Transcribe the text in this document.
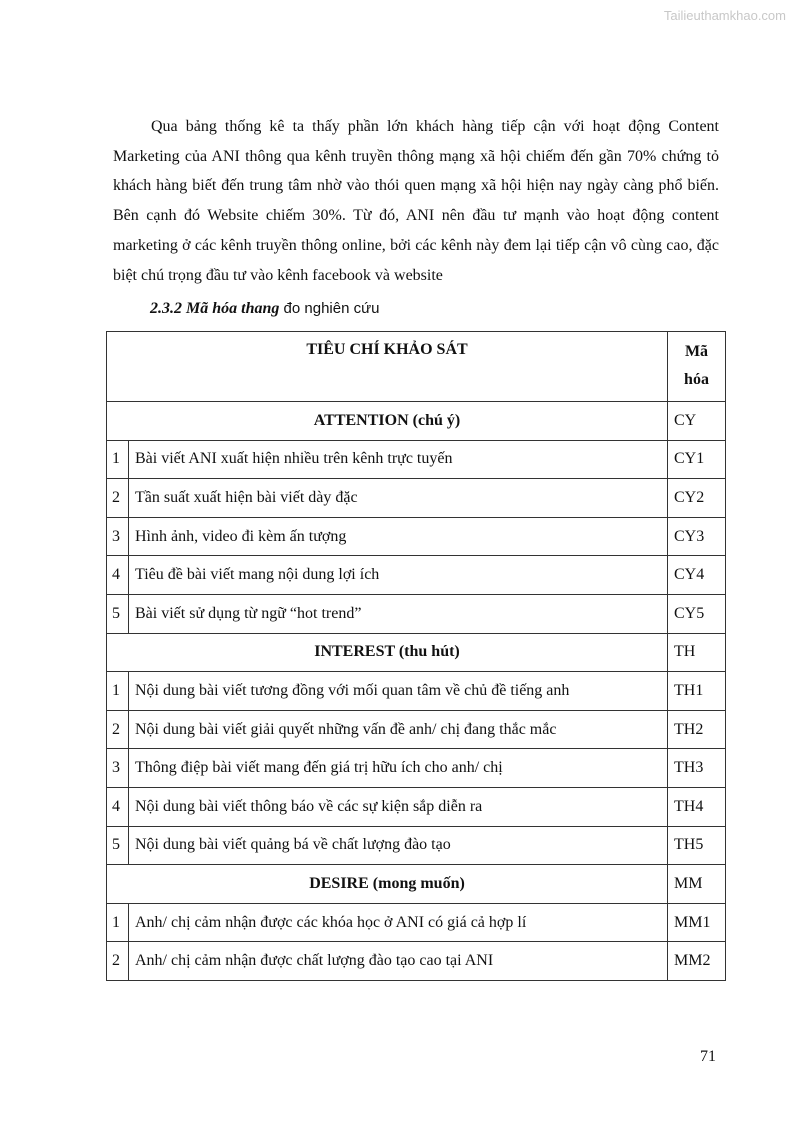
Tailieuthamkhao.com

Qua bảng thống kê ta thấy phần lớn khách hàng tiếp cận với hoạt động Content Marketing của ANI thông qua kênh truyền thông mạng xã hội chiếm đến gần 70% chứng tỏ khách hàng biết đến trung tâm nhờ vào thói quen mạng xã hội hiện nay ngày càng phổ biến. Bên cạnh đó Website chiếm 30%. Từ đó, ANI nên đầu tư mạnh vào hoạt động content marketing ở các kênh truyền thông online, bởi các kênh này đem lại tiếp cận vô cùng cao, đặc biệt chú trọng đầu tư vào kênh facebook và website

2.3.2 Mã hóa thang đo nghiên cứu
TIÊU CHÍ KHẢO SÁT		Mã
hóa
ATTENTION (chú ý)		CY
1	Bài viết ANI xuất hiện nhiều trên kênh trực tuyến	CY1
2	Tần suất xuất hiện bài viết dày đặc	CY2
3	Hình ảnh, video đi kèm ấn tượng	CY3
4	Tiêu đề bài viết mang nội dung lợi ích	CY4
5	Bài viết sử dụng từ ngữ “hot trend”	CY5
INTEREST (thu hút)		TH
1	Nội dung bài viết tương đồng với mối quan tâm về chủ đề tiếng anh	TH1
2	Nội dung bài viết giải quyết những vấn đề anh/ chị đang thắc mắc	TH2
3	Thông điệp bài viết mang đến giá trị hữu ích cho anh/ chị	TH3
4	Nội dung bài viết thông báo về các sự kiện sắp diễn ra	TH4
5	Nội dung bài viết quảng bá về chất lượng đào tạo	TH5
DESIRE (mong muốn)		MM
1	Anh/ chị cảm nhận được các khóa học ở ANI có giá cả hợp lí	MM1
2	Anh/ chị cảm nhận được chất lượng đào tạo cao tại ANI	MM2
71
